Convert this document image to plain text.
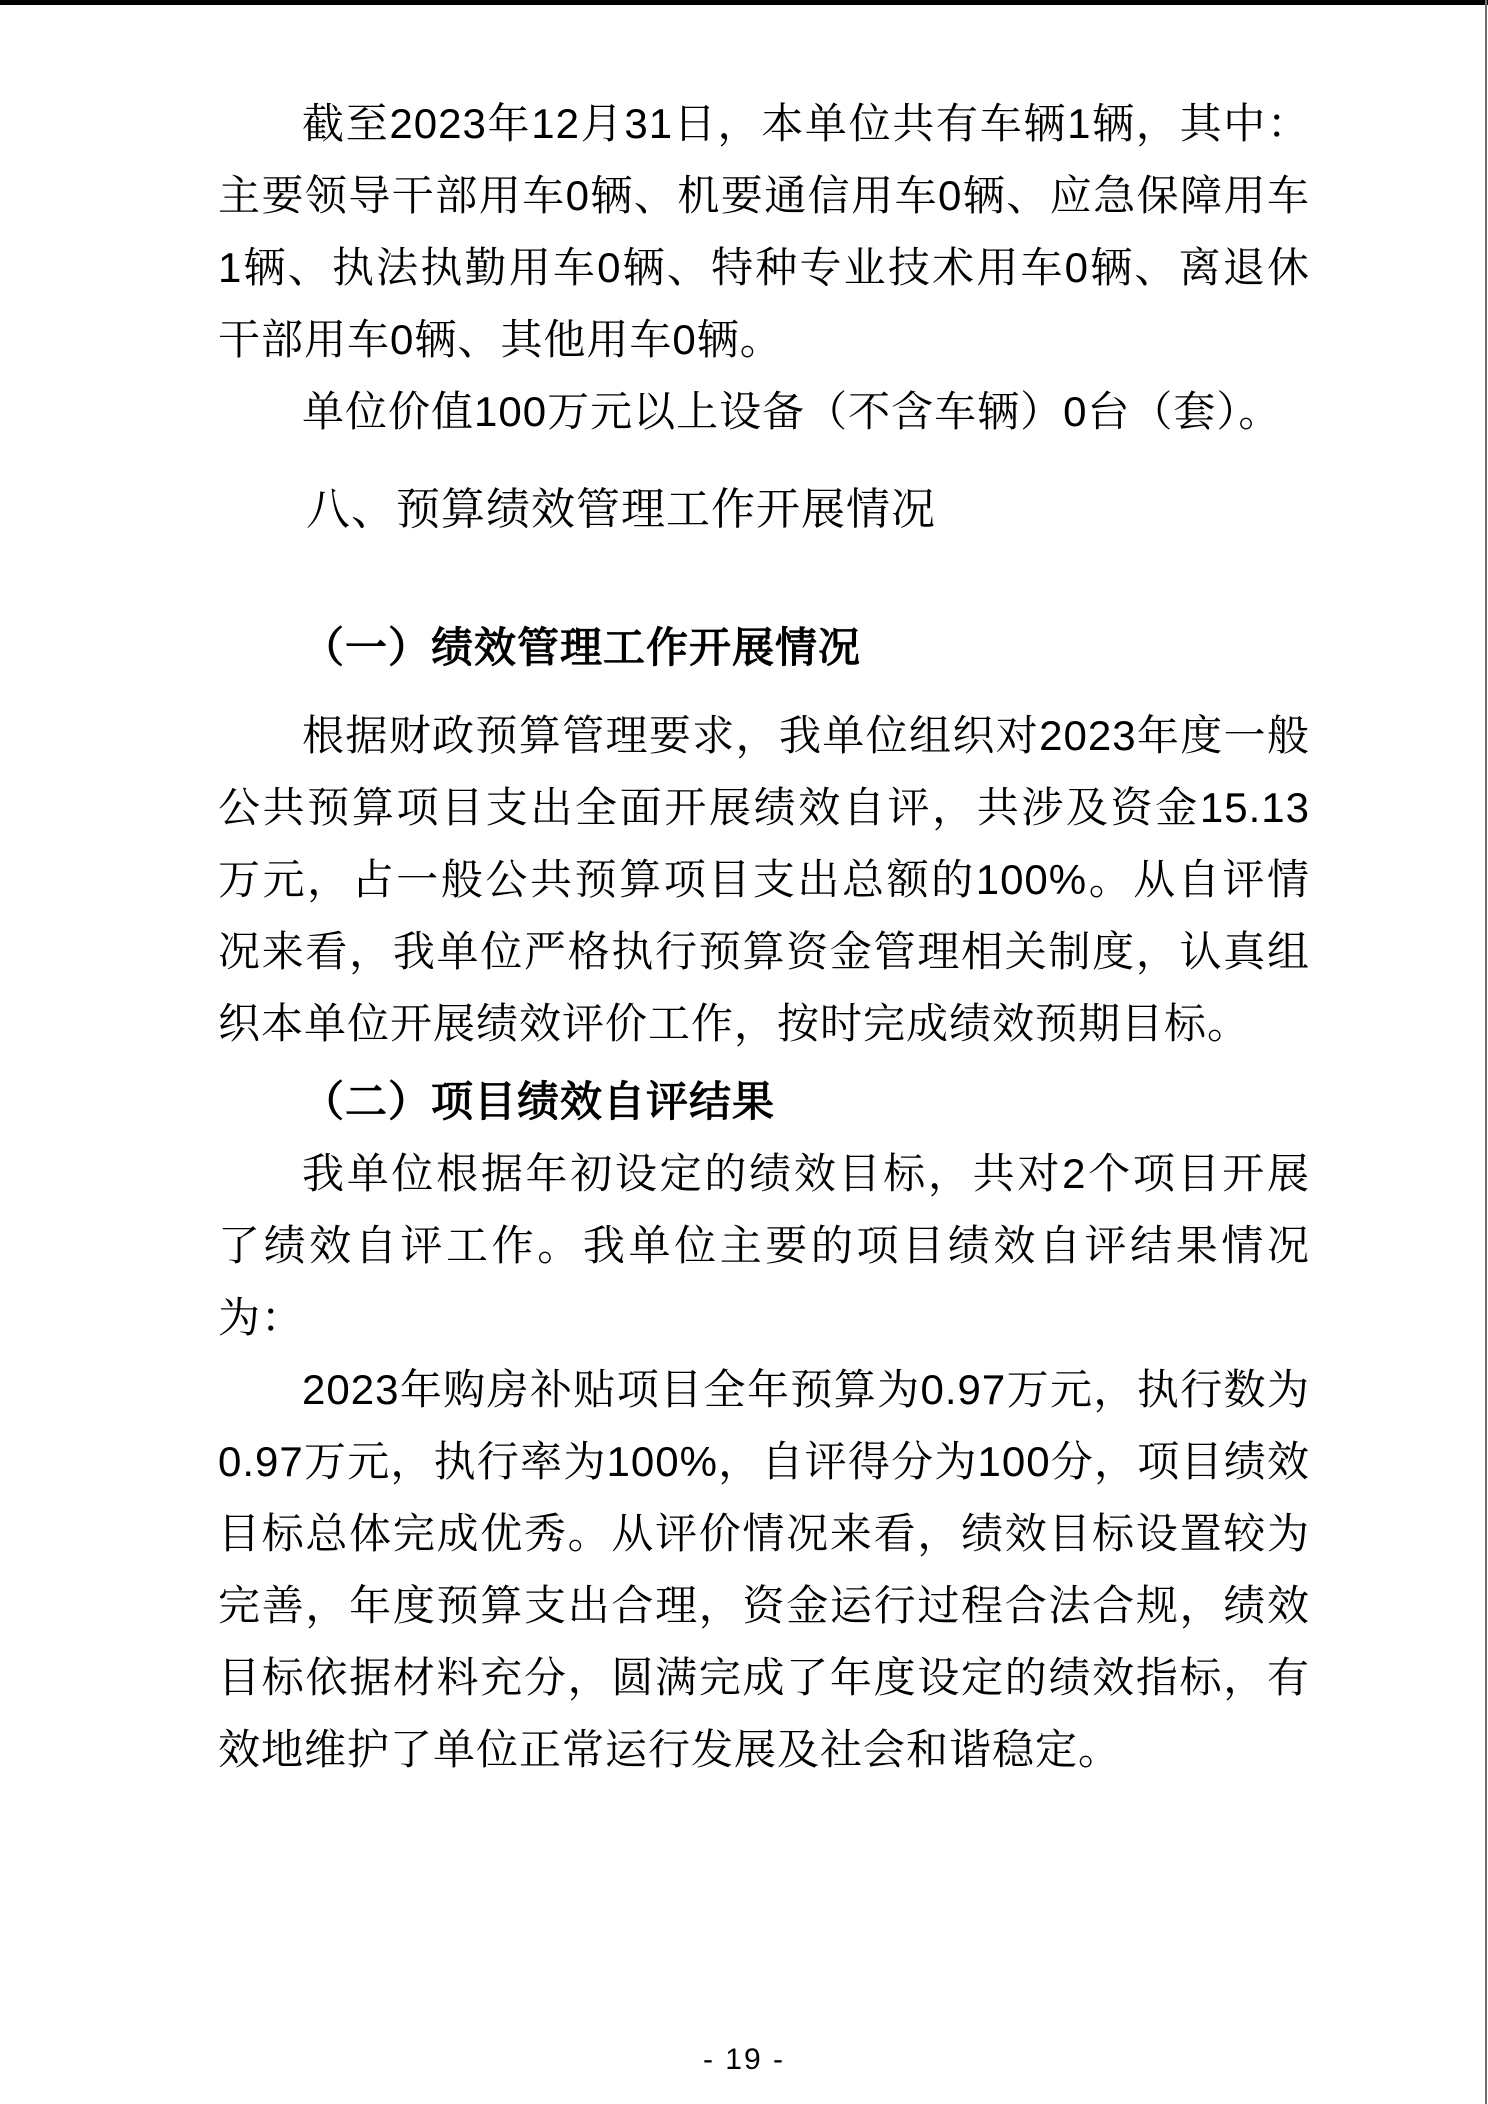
截至2023年12月31日，本单位共有车辆1辆，其中：主要领导干部用车0辆、机要通信用车0辆、应急保障用车1辆、执法执勤用车0辆、特种专业技术用车0辆、离退休干部用车0辆、其他用车0辆。

单位价值100万元以上设备（不含车辆）0台（套）。

八、预算绩效管理工作开展情况
（一）绩效管理工作开展情况

根据财政预算管理要求，我单位组织对2023年度一般公共预算项目支出全面开展绩效自评，共涉及资金15.13万元，占一般公共预算项目支出总额的100%。从自评情况来看，我单位严格执行预算资金管理相关制度，认真组织本单位开展绩效评价工作，按时完成绩效预期目标。

（二）项目绩效自评结果

我单位根据年初设定的绩效目标，共对2个项目开展了绩效自评工作。我单位主要的项目绩效自评结果情况为：

2023年购房补贴项目全年预算为0.97万元，执行数为0.97万元，执行率为100%，自评得分为100分，项目绩效目标总体完成优秀。从评价情况来看，绩效目标设置较为完善，年度预算支出合理，资金运行过程合法合规，绩效目标依据材料充分，圆满完成了年度设定的绩效指标，有效地维护了单位正常运行发展及社会和谐稳定。

- 19 -
